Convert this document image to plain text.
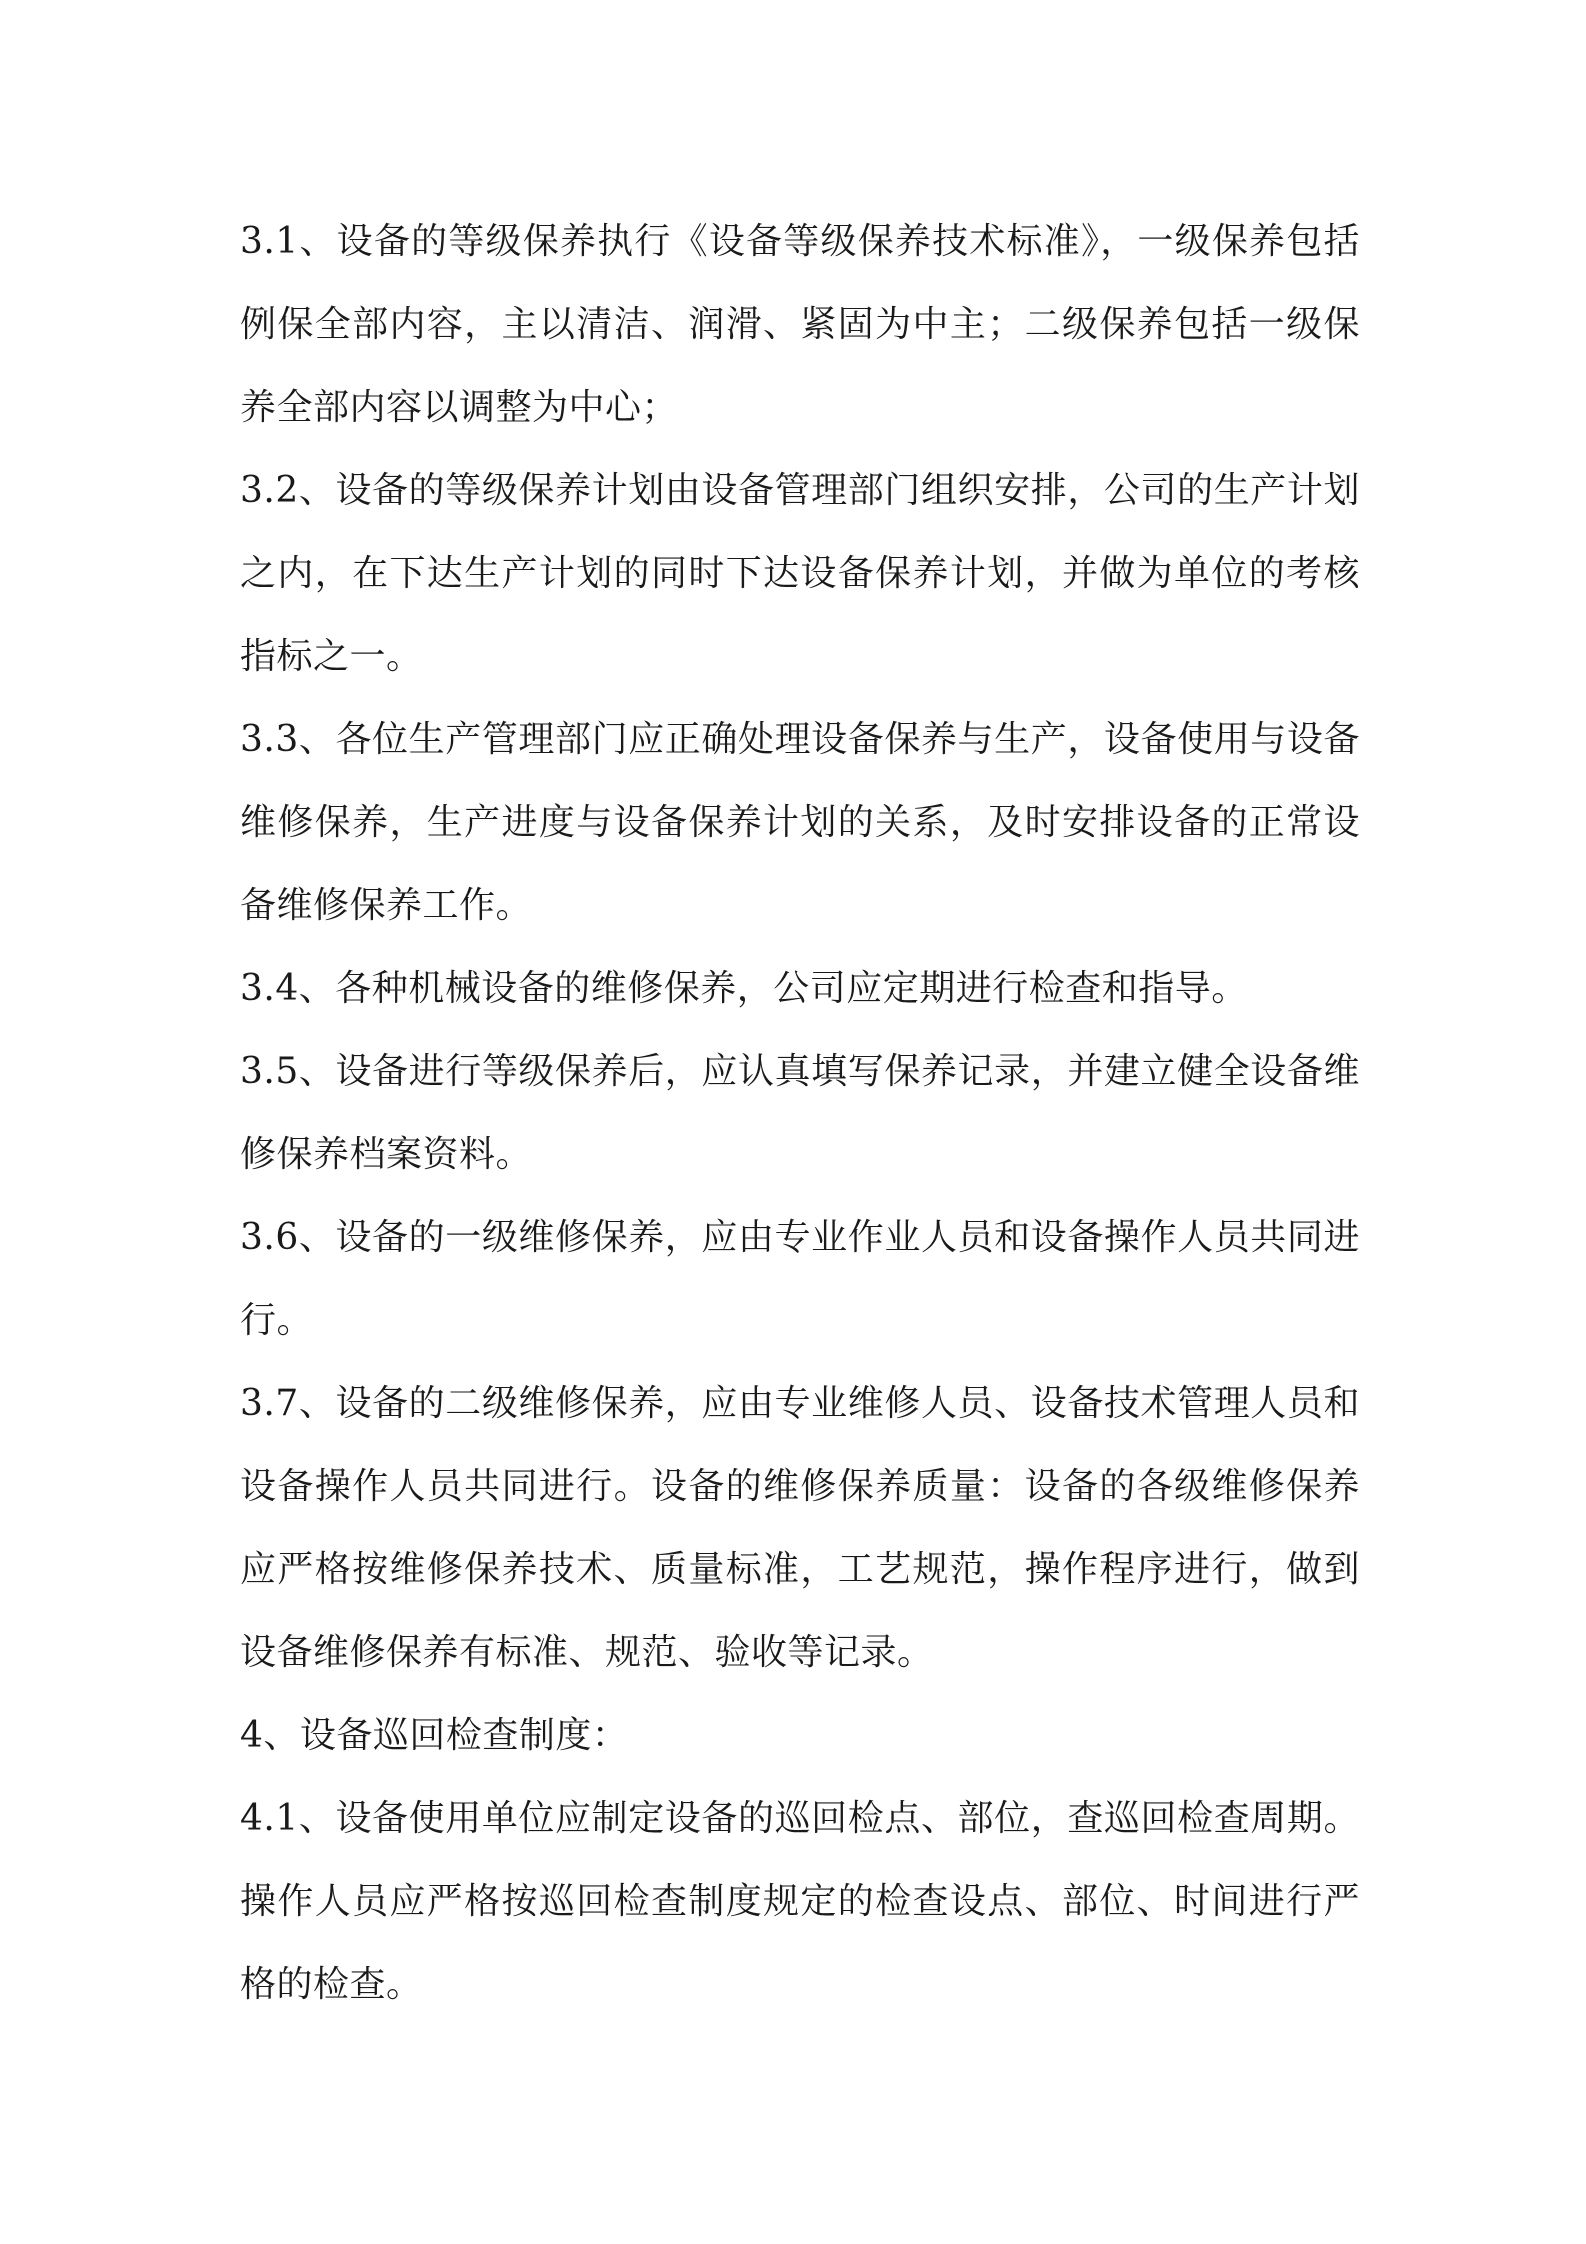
3.1、设备的等级保养执行《设备等级保养技术标准》，一级保养包括例保全部内容，主以清洁、润滑、紧固为中主；二级保养包括一级保养全部内容以调整为中心；

3.2、设备的等级保养计划由设备管理部门组织安排，公司的生产计划之内，在下达生产计划的同时下达设备保养计划，并做为单位的考核指标之一。

3.3、各位生产管理部门应正确处理设备保养与生产，设备使用与设备维修保养，生产进度与设备保养计划的关系，及时安排设备的正常设备维修保养工作。

3.4、各种机械设备的维修保养，公司应定期进行检查和指导。

3.5、设备进行等级保养后，应认真填写保养记录，并建立健全设备维修保养档案资料。

3.6、设备的一级维修保养，应由专业作业人员和设备操作人员共同进行。

3.7、设备的二级维修保养，应由专业维修人员、设备技术管理人员和设备操作人员共同进行。设备的维修保养质量：设备的各级维修保养应严格按维修保养技术、质量标准，工艺规范，操作程序进行，做到设备维修保养有标准、规范、验收等记录。

4、设备巡回检查制度：

4.1、设备使用单位应制定设备的巡回检点、部位，查巡回检查周期。操作人员应严格按巡回检查制度规定的检查设点、部位、时间进行严格的检查。
